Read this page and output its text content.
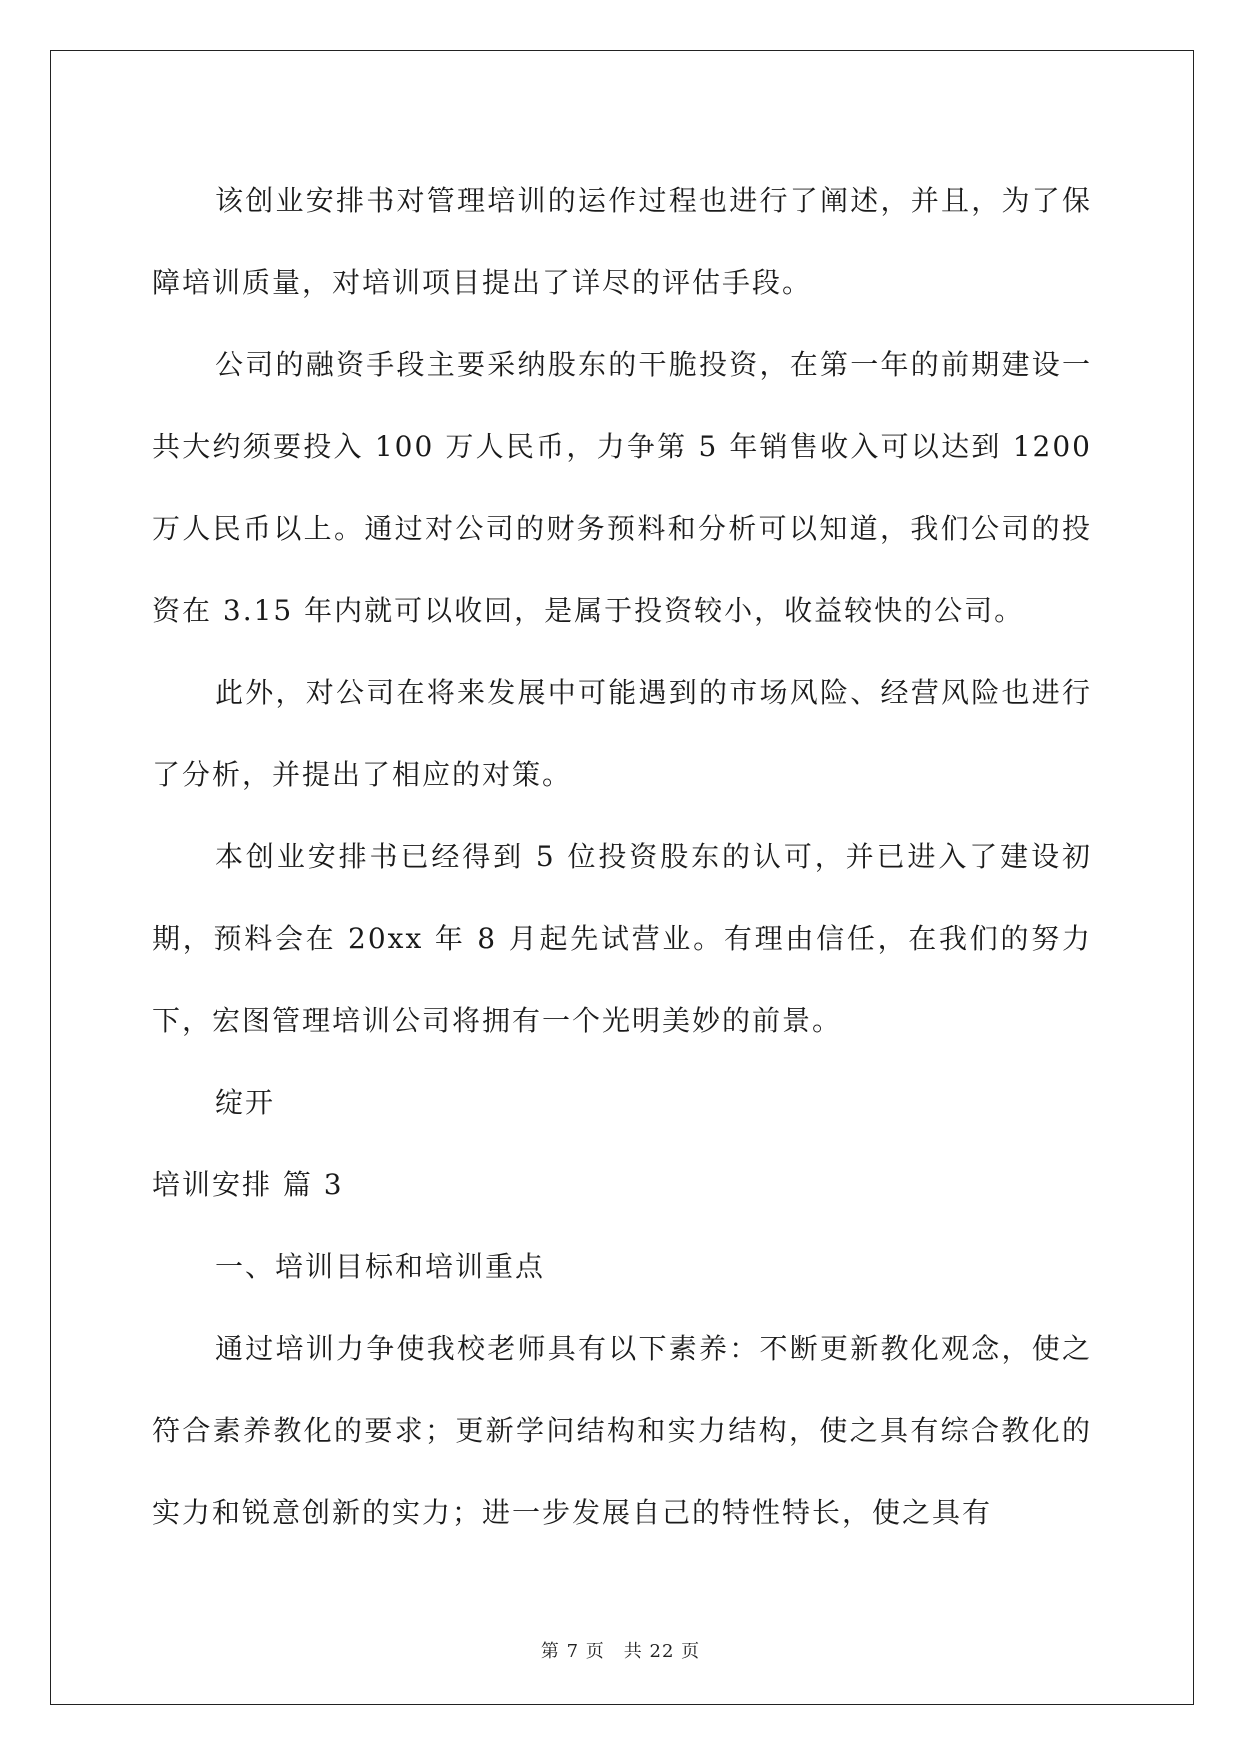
该创业安排书对管理培训的运作过程也进行了阐述，并且，为了保障培训质量，对培训项目提出了详尽的评估手段。

公司的融资手段主要采纳股东的干脆投资，在第一年的前期建设一共大约须要投入 100 万人民币，力争第 5 年销售收入可以达到 1200 万人民币以上。通过对公司的财务预料和分析可以知道，我们公司的投资在 3.15 年内就可以收回，是属于投资较小，收益较快的公司。

此外，对公司在将来发展中可能遇到的市场风险、经营风险也进行了分析，并提出了相应的对策。

本创业安排书已经得到 5 位投资股东的认可，并已进入了建设初期，预料会在 20xx 年 8 月起先试营业。有理由信任，在我们的努力下，宏图管理培训公司将拥有一个光明美妙的前景。

绽开

培训安排 篇 3

一、培训目标和培训重点

通过培训力争使我校老师具有以下素养：不断更新教化观念，使之符合素养教化的要求；更新学问结构和实力结构，使之具有综合教化的实力和锐意创新的实力；进一步发展自己的特性特长，使之具有

第 7 页　共 22 页
